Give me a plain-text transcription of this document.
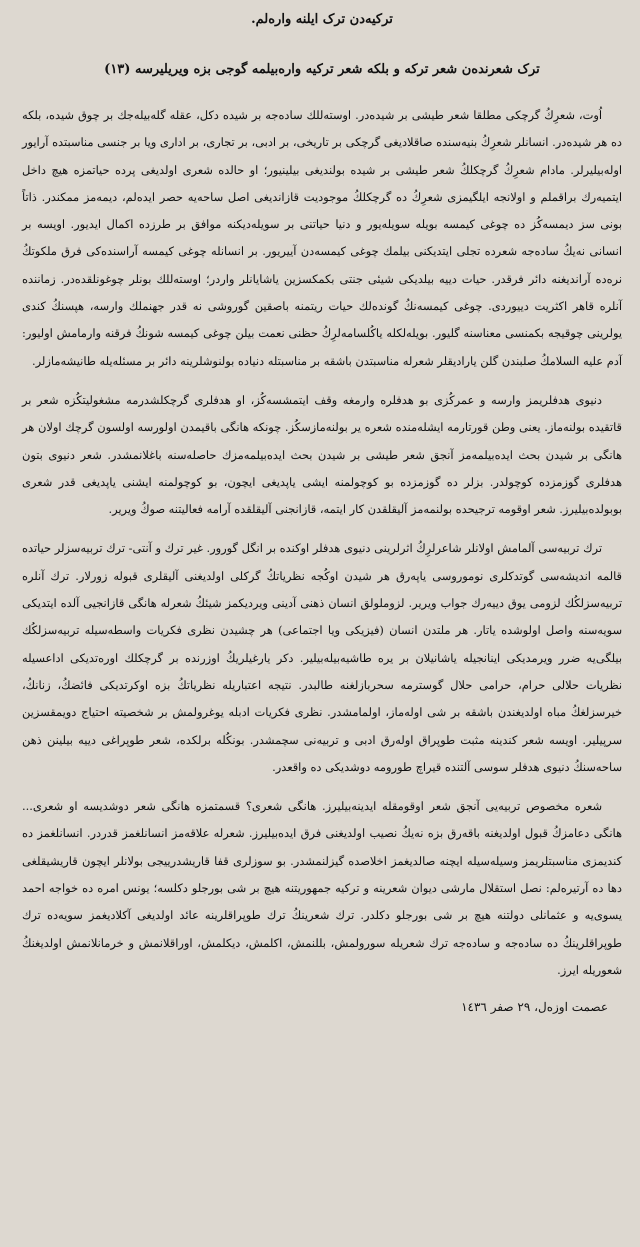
ترکیه‌دن ترک ایلنه وارەلم.
ترک شعرنده‌ن شعر ترکه و بلکه شعر ترکیه‌ وارەبیلمه گوجی بزه ویریلیرسه (۱۳)

اُوت، شعرِكُ گرچکی مطلقا شعر طیشی بر شیده‌در. اوستەللك ساده‌جه بر شیده دکل، عقله گله‌بیله‌جك بر چوق شیده، بلکه ده هر شیده‌در. انسانلر شعرِكُ بنیه‌سنده صاقلادیغی گرچکی بر تاریخی، بر ادبی، بر تجاری، بر اداری ویا بر جنسی مناسبتده آرایور اوله‌بیلیرلر. مادام شعرِكُ گرچکلكُ شعر طیشی بر شیده بولندیغی بیلینیور؛ او حالده شعری اولدیغی پرده حیاتمزه هیچ داخل ایتمیه‌رك براقملم و اولانجه ایلگیمزی شعرِكُ ده گرچکلكُ موجودیت قازاندیغی اصل ساحه‌یه حصر ایده‌لم، دیمەمز ممکندر. ذاتاً بونی سز دیمسه‌كُز ده چوغی کیمسه بویله سویله‌یور و دنیا حیاتنی بر سویله‌دیکنه موافق بر طرزده اکمال ایدیور. اویسه بر انسانی نه‌یكُ ساده‌جه شعرده تجلی ایتدیکنی بیلمك چوغی کیمسه‌دن آییریور. بر انسانله چوغی کیمسه آراسنده‌کی فرق ملکوتكُ نره‌ده آرانديغنه دائر فرقدر. حیات دییه بیلدیکی شیئی جنتی بکمکسزین یاشایانلر واردر؛ اوستەللك بونلر چوغونلقده‌در. زماننده آنلره قاهر اکثریت دییوردی. چوغی کیمسه‌نكُ گونده‌لك حیات ریتمنه باصقین گوروشی نه قدر جهنملك وارسه، هپسنكُ کندی یولرینی چوقیجه بکمنسی معناسنه گلیور. بویله‌لکله یاكُلسامه‌لرِكُ حظنی نعمت بیلن چوغی کیمسه شونكُ فرقنه وارمامش اولیور: آدم علیه السلامكُ صلبندن گلن یارادیقلر شعرله مناسبتدن باشقه بر مناسبتله دنیاده بولنوشلرینه دائر بر مسئله‌یله طانیشه‌مازلر.

دنیوی هدفلریمز وارسه و عمرکُزی بو هدفلره وارمغه وقف ایتمشسه‌کُز، او هدفلری گرچکلشدرمه مشغولیتکُزه شعر بر قاتقیده بولنه‌ماز. یعنی وطن قورتارمه ایشلەمنده شعره یر بولنه‌مازسکُز. چونکه هانگی باقیمدن اولورسه اولسون گرچك اولان هر هانگی بر شیدن بحث ایده‌بیلمه‌مز آنجق شعر طیشی بر شیدن بحث ایده‌بیلمه‌مزك حاصله‌سنه باغلانمشدر. شعر دنیوی بتون هدفلری گوزمزده کوچولدر. بزلر ده گوزمزده بو کوچولمنه ایشی یاپدیغی ایچون، بو کوچولمنه ایشنی یاپدیغی قدر شعری بوبولده‌بیلیرز. شعر اوقومه ترجیحده بولنمەمز آلیقلقدن کار ایتمه، قازانجنی آلیقلقده آرامه فعالیتنه صوكُ ویریر.

ترك تربیه‌سی آلمامش اولانلر شاعرلرِكُ اثرلرینی دنیوی هدفلر اوکنده بر انگل گورور. غیر ترك و آنتی- ترك تربیه‌سزلر حیاتده قالمه اندیشه‌سی گوتدکلری نوموروسی یاپەرق هر شیدن اوکُجه نظریاتكُ گرکلی اولدیغنی آلیقلری قبوله زورلار. ترك آنلره تربیه‌سزلكُك لزومی یوق دییه‌رك جواب ویریر. لزوملولق انسان ذهنی آدینی ویردیکمز شیئكُ شعرله هانگی قازانجیی آلده ایتدیکی سویه‌سنه واصل اولوشده یاتار. هر ملتدن انسان (فیزیکی ویا اجتماعی) هر چشیدن نظری فکریات واسطه‌سیله تربیه‌سزلكُك بیلگی‌یه ضرر ویرمدیکی اینانجیله یاشانیلان بر یره طاشیه‌بیله‌بیلیر. دکر یارغیلریكُ اوزرنده بر گرچکلك اوره‌تدیکی اداعسیله نظریات حلالی حرام، حرامی حلال گوسترمه سحربازلغنه طالبدر. نتیجه اعتباریله نظریاتكُ بزه اوکرتدیکی فائضكُ، زنانكُ، خیرسزلغكُ مباه اولدیغندن باشقه بر شی اوله‌ماز، اولمامشدر. نظری فکریات ادبله یوغرولمش بر شخصیته احتیاج دویمقسزین سرپیلیر. اویسه شعر کندینه مثبت طوپراق اولەرق ادبی و تربیه‌نی سچمشدر. بونكُله برلکده، شعر طوپراغی دییه بیلینن ذهن ساحه‌سنكُ دنیوی هدفلر سوسی آلتنده قیراچ طورومه دوشدیکی ده واقعدر.

شعره مخصوص تربیه‌یی آنجق شعر اوقومقله ایدینه‌بیلیرز. هانگی شعری؟ قسمتمزه هانگی شعر دوشدیسه او شعری... هانگی دعامزكُ قبول اولدیغنه باقەرق بزه نه‌یكُ نصیب اولدیغنی فرق ایده‌بیلیرز. شعرله علاقەمز انسانلغمز قدردر. انسانلغمز ده کندیمزی مناسبتلریمز وسیله‌سیله ایچنه صالدیغمز اخلاصده گیزلنمشدر. بو سوزلری قفا قاریشدرییجی بولانلر ایچون قاریشیقلغی دها ده آرتیره‌لم: نصل استقلال مارشی دیوان شعرینه و ترکیه جمهوریتنه هیچ بر شی بورجلو دکلسه؛ یونس امره ده خواجه احمد یسوی‌یه و عثمانلی دولتنه هیچ بر شی بورجلو دکلدر. ترك شعرینكُ ترك طوپراقلرینه عائد اولدیغی آکلادیغمز سویەده ترك طوپراقلرینكُ ده ساده‌جه و ساده‌جه ترك شعریله سورولمش، بللنمش، اکلمش، دیکلمش، اوراقلانمش و خرمانلانمش اولدیغنكُ شعوریله ایرز.

عصمت اوزەل، ۲۹ صفر ۱٤۳٦
